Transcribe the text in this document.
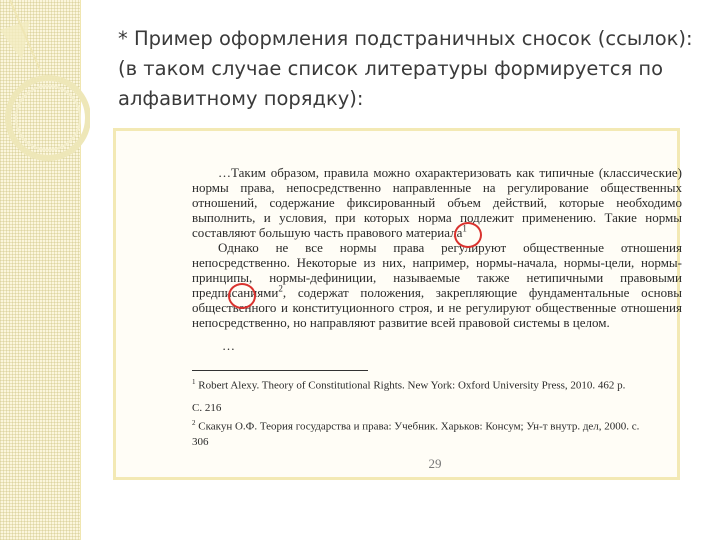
* Пример оформления подстраничных сносок (ссылок):
(в таком случае список литературы формируется по
алфавитному порядку):

…Таким образом, правила можно охарактеризовать как типичные (классические) нормы права, непосредственно направленные на регулирование общественных отношений, содержание фиксированный объем действий, которые необходимо выполнить, и условия, при которых норма подлежит применению. Такие нормы составляют большую часть правового материала$^1$

Однако не все нормы права регулируют общественные отношения непосредственно. Некоторые из них, например, нормы-начала, нормы-цели, нормы-принципы, нормы-дефиниции, называемые также нетипичными правовыми предписаниями$^2$, содержат положения, закрепляющие фундаментальные основы общественного и конституционного строя, и не регулируют общественные отношения непосредственно, но направляют развитие всей правовой системы в целом.

…
$^1$ Robert Alexy. Theory of Constitutional Rights. New York: Oxford University Press, 2010. 462 p.
С. 216
$^2$ Скакун О.Ф. Теория государства и права: Учебник. Харьков: Консум; Ун-т внутр. дел, 2000. с.
306
29
